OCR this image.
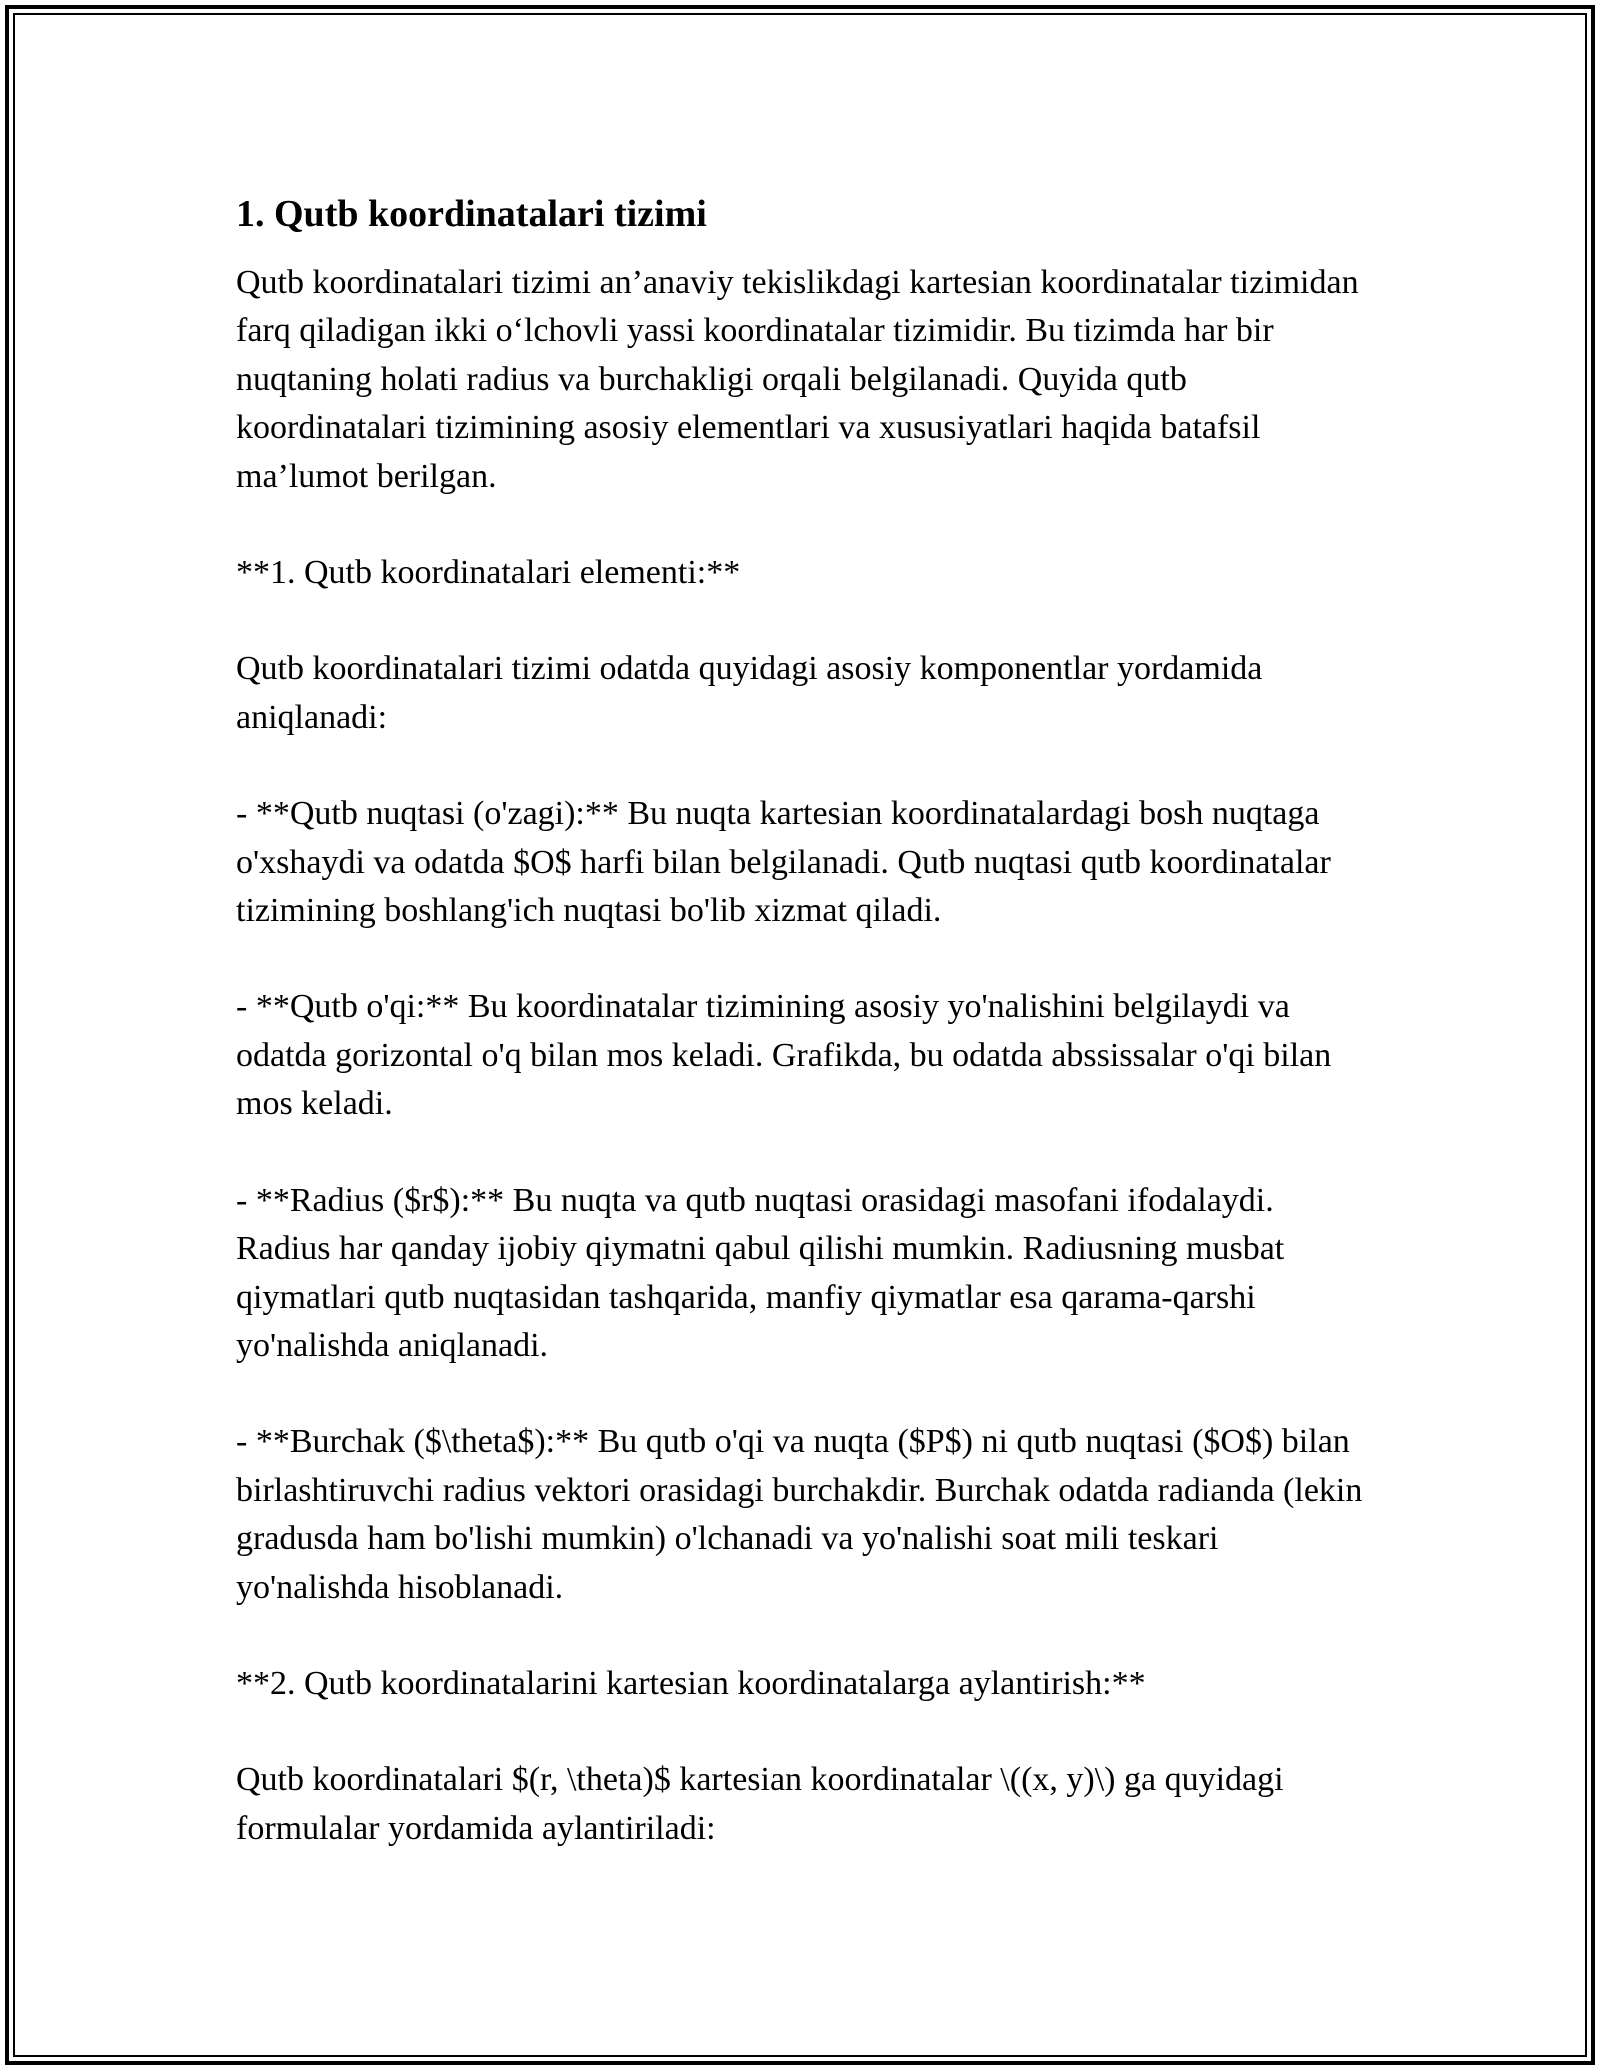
1. Qutb koordinatalari tizimi

Qutb koordinatalari tizimi an’anaviy tekislikdagi kartesian koordinatalar tizimidan farq qiladigan ikki o‘lchovli yassi koordinatalar tizimidir. Bu tizimda har bir nuqtaning holati radius va burchakligi orqali belgilanadi. Quyida qutb koordinatalari tizimining asosiy elementlari va xususiyatlari haqida batafsil ma’lumot berilgan.

**1. Qutb koordinatalari elementi:**

Qutb koordinatalari tizimi odatda quyidagi asosiy komponentlar yordamida aniqlanadi:

- **Qutb nuqtasi (o'zagi):** Bu nuqta kartesian koordinatalardagi bosh nuqtaga o'xshaydi va odatda $O$ harfi bilan belgilanadi. Qutb nuqtasi qutb koordinatalar tizimining boshlang'ich nuqtasi bo'lib xizmat qiladi.

- **Qutb o'qi:** Bu koordinatalar tizimining asosiy yo'nalishini belgilaydi va odatda gorizontal o'q bilan mos keladi. Grafikda, bu odatda abssissalar o'qi bilan mos keladi.

- **Radius ($r$):** Bu nuqta va qutb nuqtasi orasidagi masofani ifodalaydi. Radius har qanday ijobiy qiymatni qabul qilishi mumkin. Radiusning musbat qiymatlari qutb nuqtasidan tashqarida, manfiy qiymatlar esa qarama-qarshi yo'nalishda aniqlanadi.

- **Burchak ($\theta$):** Bu qutb o'qi va nuqta ($P$) ni qutb nuqtasi ($O$) bilan birlashtiruvchi radius vektori orasidagi burchakdir. Burchak odatda radianda (lekin gradusda ham bo'lishi mumkin) o'lchanadi va yo'nalishi soat mili teskari yo'nalishda hisoblanadi.

**2. Qutb koordinatalarini kartesian koordinatalarga aylantirish:**

Qutb koordinatalari $(r, \theta)$ kartesian koordinatalar \((x, y)\) ga quyidagi formulalar yordamida aylantiriladi:
